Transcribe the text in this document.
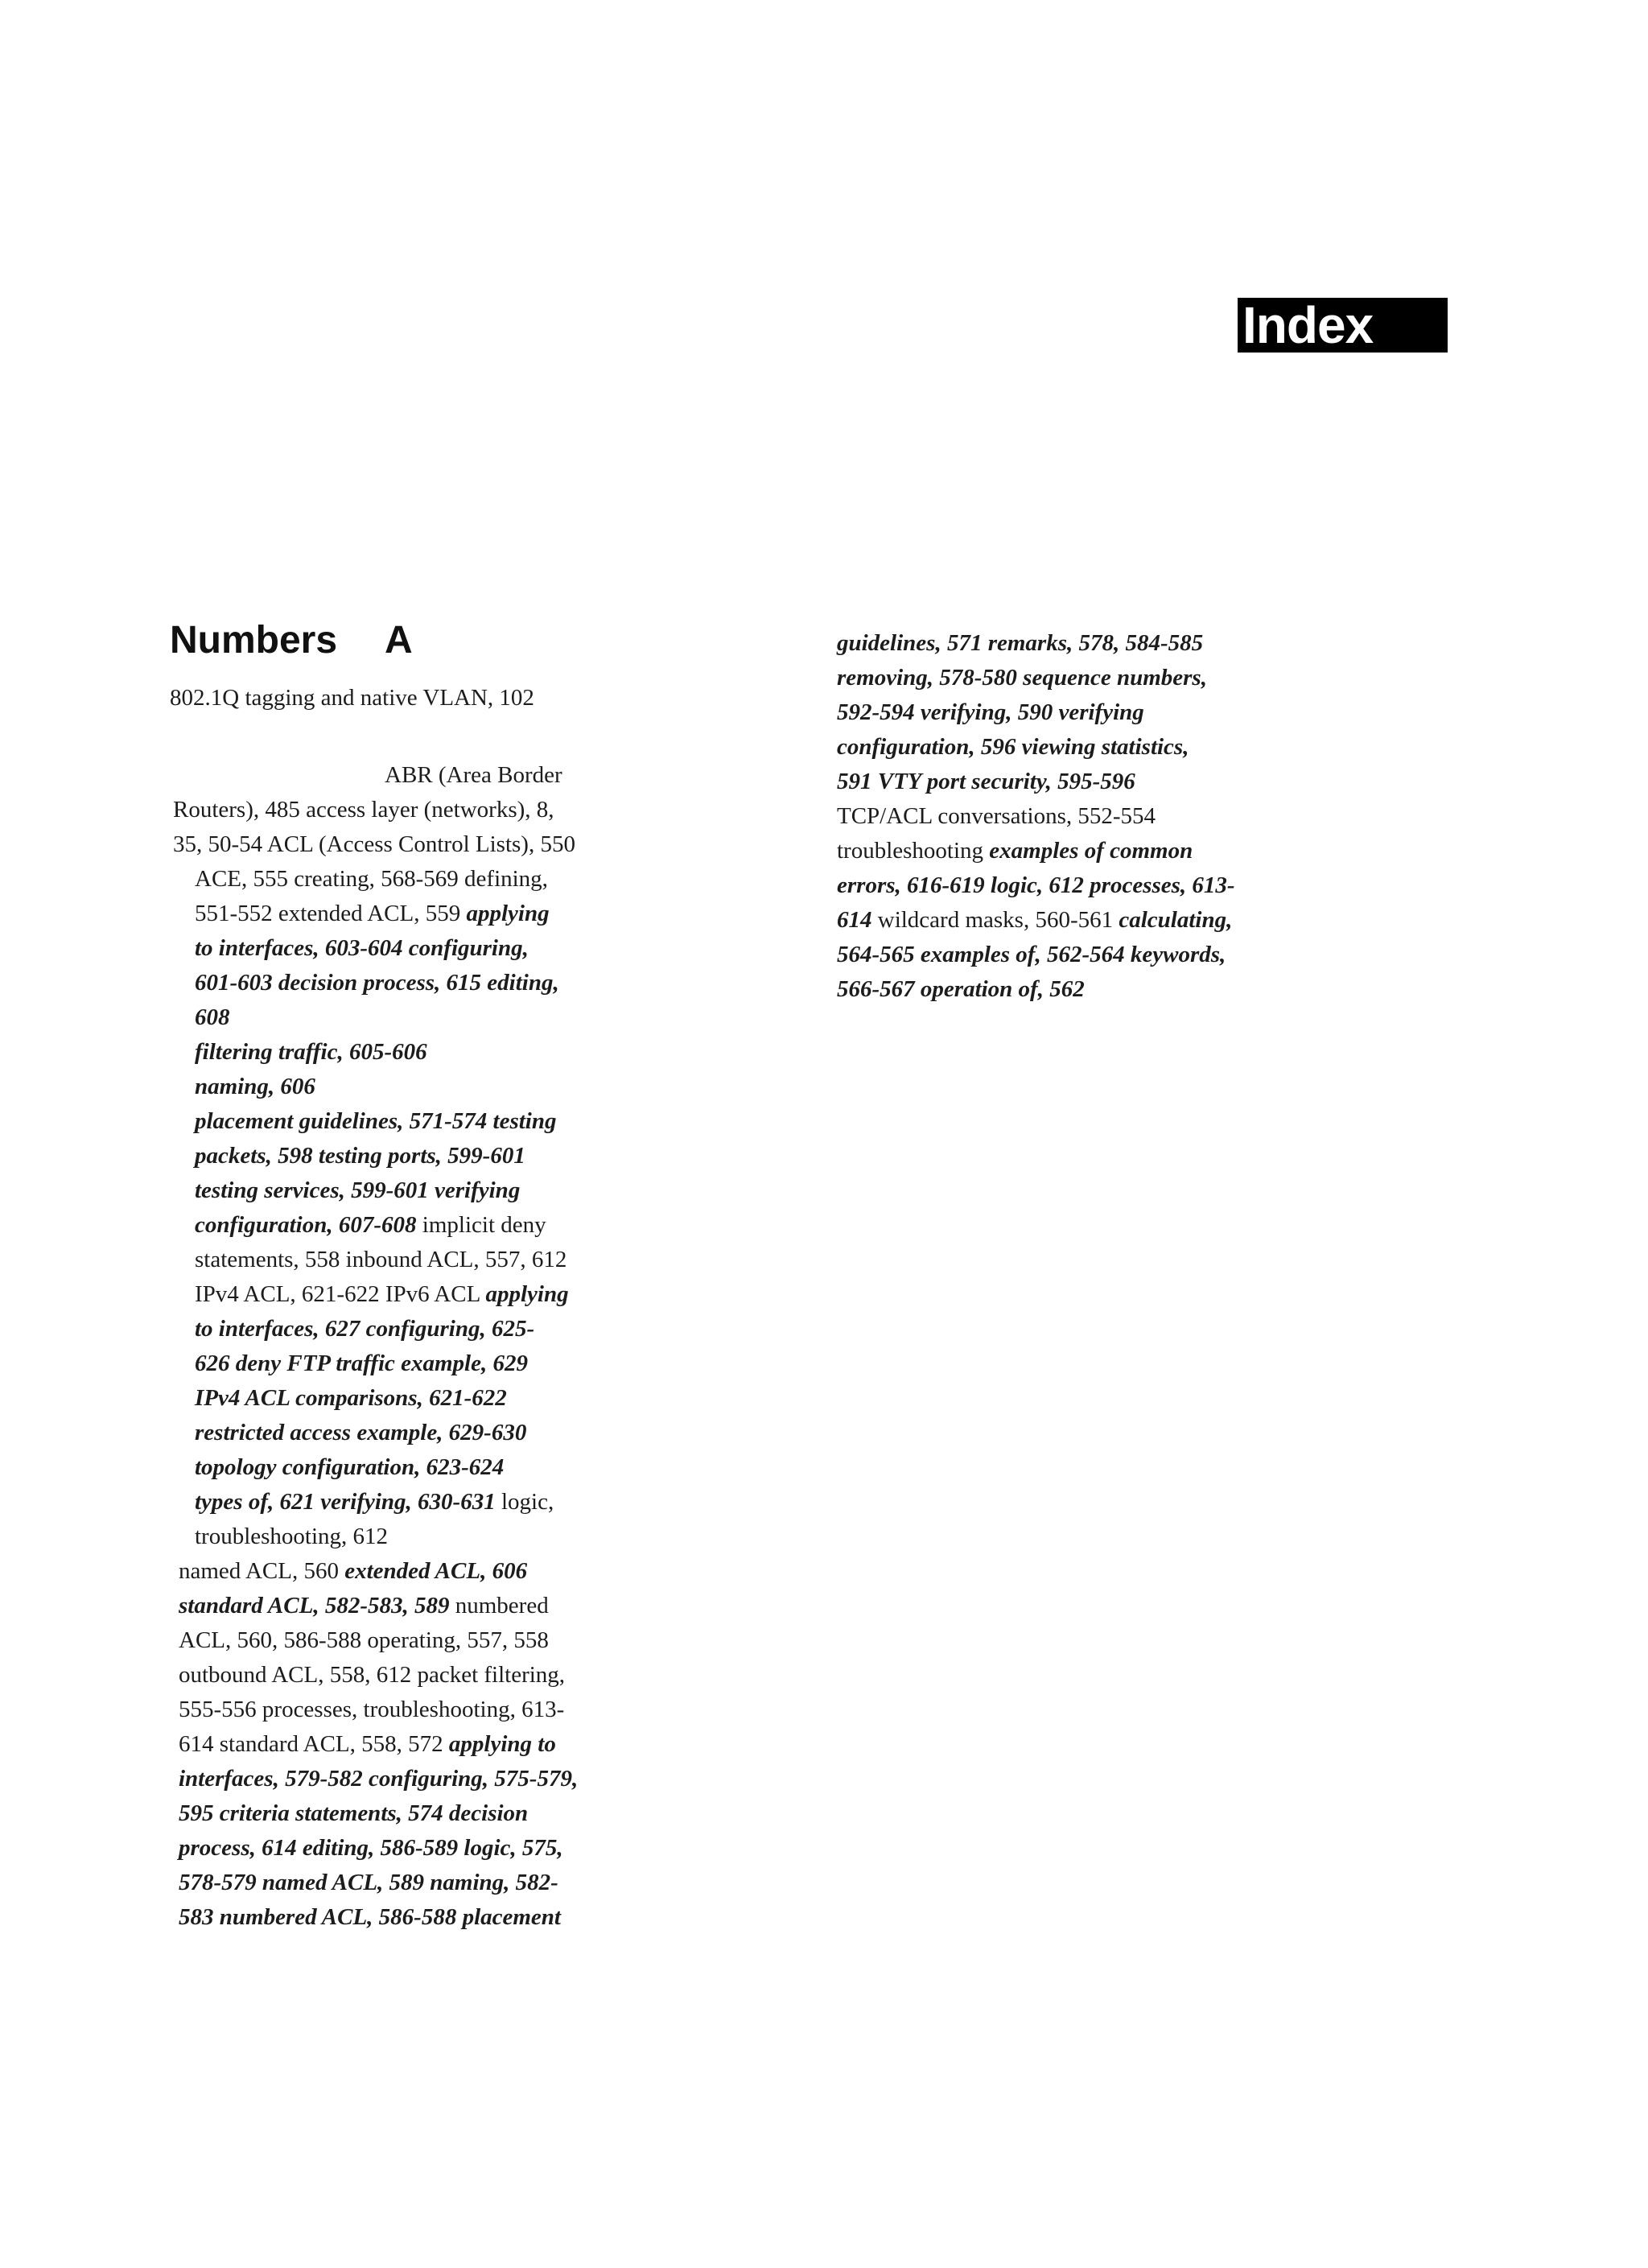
Index
Numbers A
802.1Q tagging and native VLAN, 102
ABR (Area Border
Routers), 485 access layer (networks), 8,
35, 50-54 ACL (Access Control Lists), 550
ACE, 555 creating, 568-569 defining,
551-552 extended ACL, 559 applying
to interfaces, 603-604 configuring,
601-603 decision process, 615 editing,
608
filtering traffic, 605-606
naming, 606
placement guidelines, 571-574 testing
packets, 598 testing ports, 599-601
testing services, 599-601 verifying
configuration, 607-608 implicit deny
statements, 558 inbound ACL, 557, 612
IPv4 ACL, 621-622 IPv6 ACL applying
to interfaces, 627 configuring, 625-
626 deny FTP traffic example, 629
IPv4 ACL comparisons, 621-622
restricted access example, 629-630
topology configuration, 623-624
types of, 621 verifying, 630-631 logic,
troubleshooting, 612
named ACL, 560 extended ACL, 606
standard ACL, 582-583, 589 numbered
ACL, 560, 586-588 operating, 557, 558
outbound ACL, 558, 612 packet filtering,
555-556 processes, troubleshooting, 613-
614 standard ACL, 558, 572 applying to
interfaces, 579-582 configuring, 575-579,
595 criteria statements, 574 decision
process, 614 editing, 586-589 logic, 575,
578-579 named ACL, 589 naming, 582-
583 numbered ACL, 586-588 placement
guidelines, 571 remarks, 578, 584-585
removing, 578-580 sequence numbers,
592-594 verifying, 590 verifying
configuration, 596 viewing statistics,
591 VTY port security, 595-596
TCP/ACL conversations, 552-554
troubleshooting examples of common
errors, 616-619 logic, 612 processes, 613-
614 wildcard masks, 560-561 calculating,
564-565 examples of, 562-564 keywords,
566-567 operation of, 562
